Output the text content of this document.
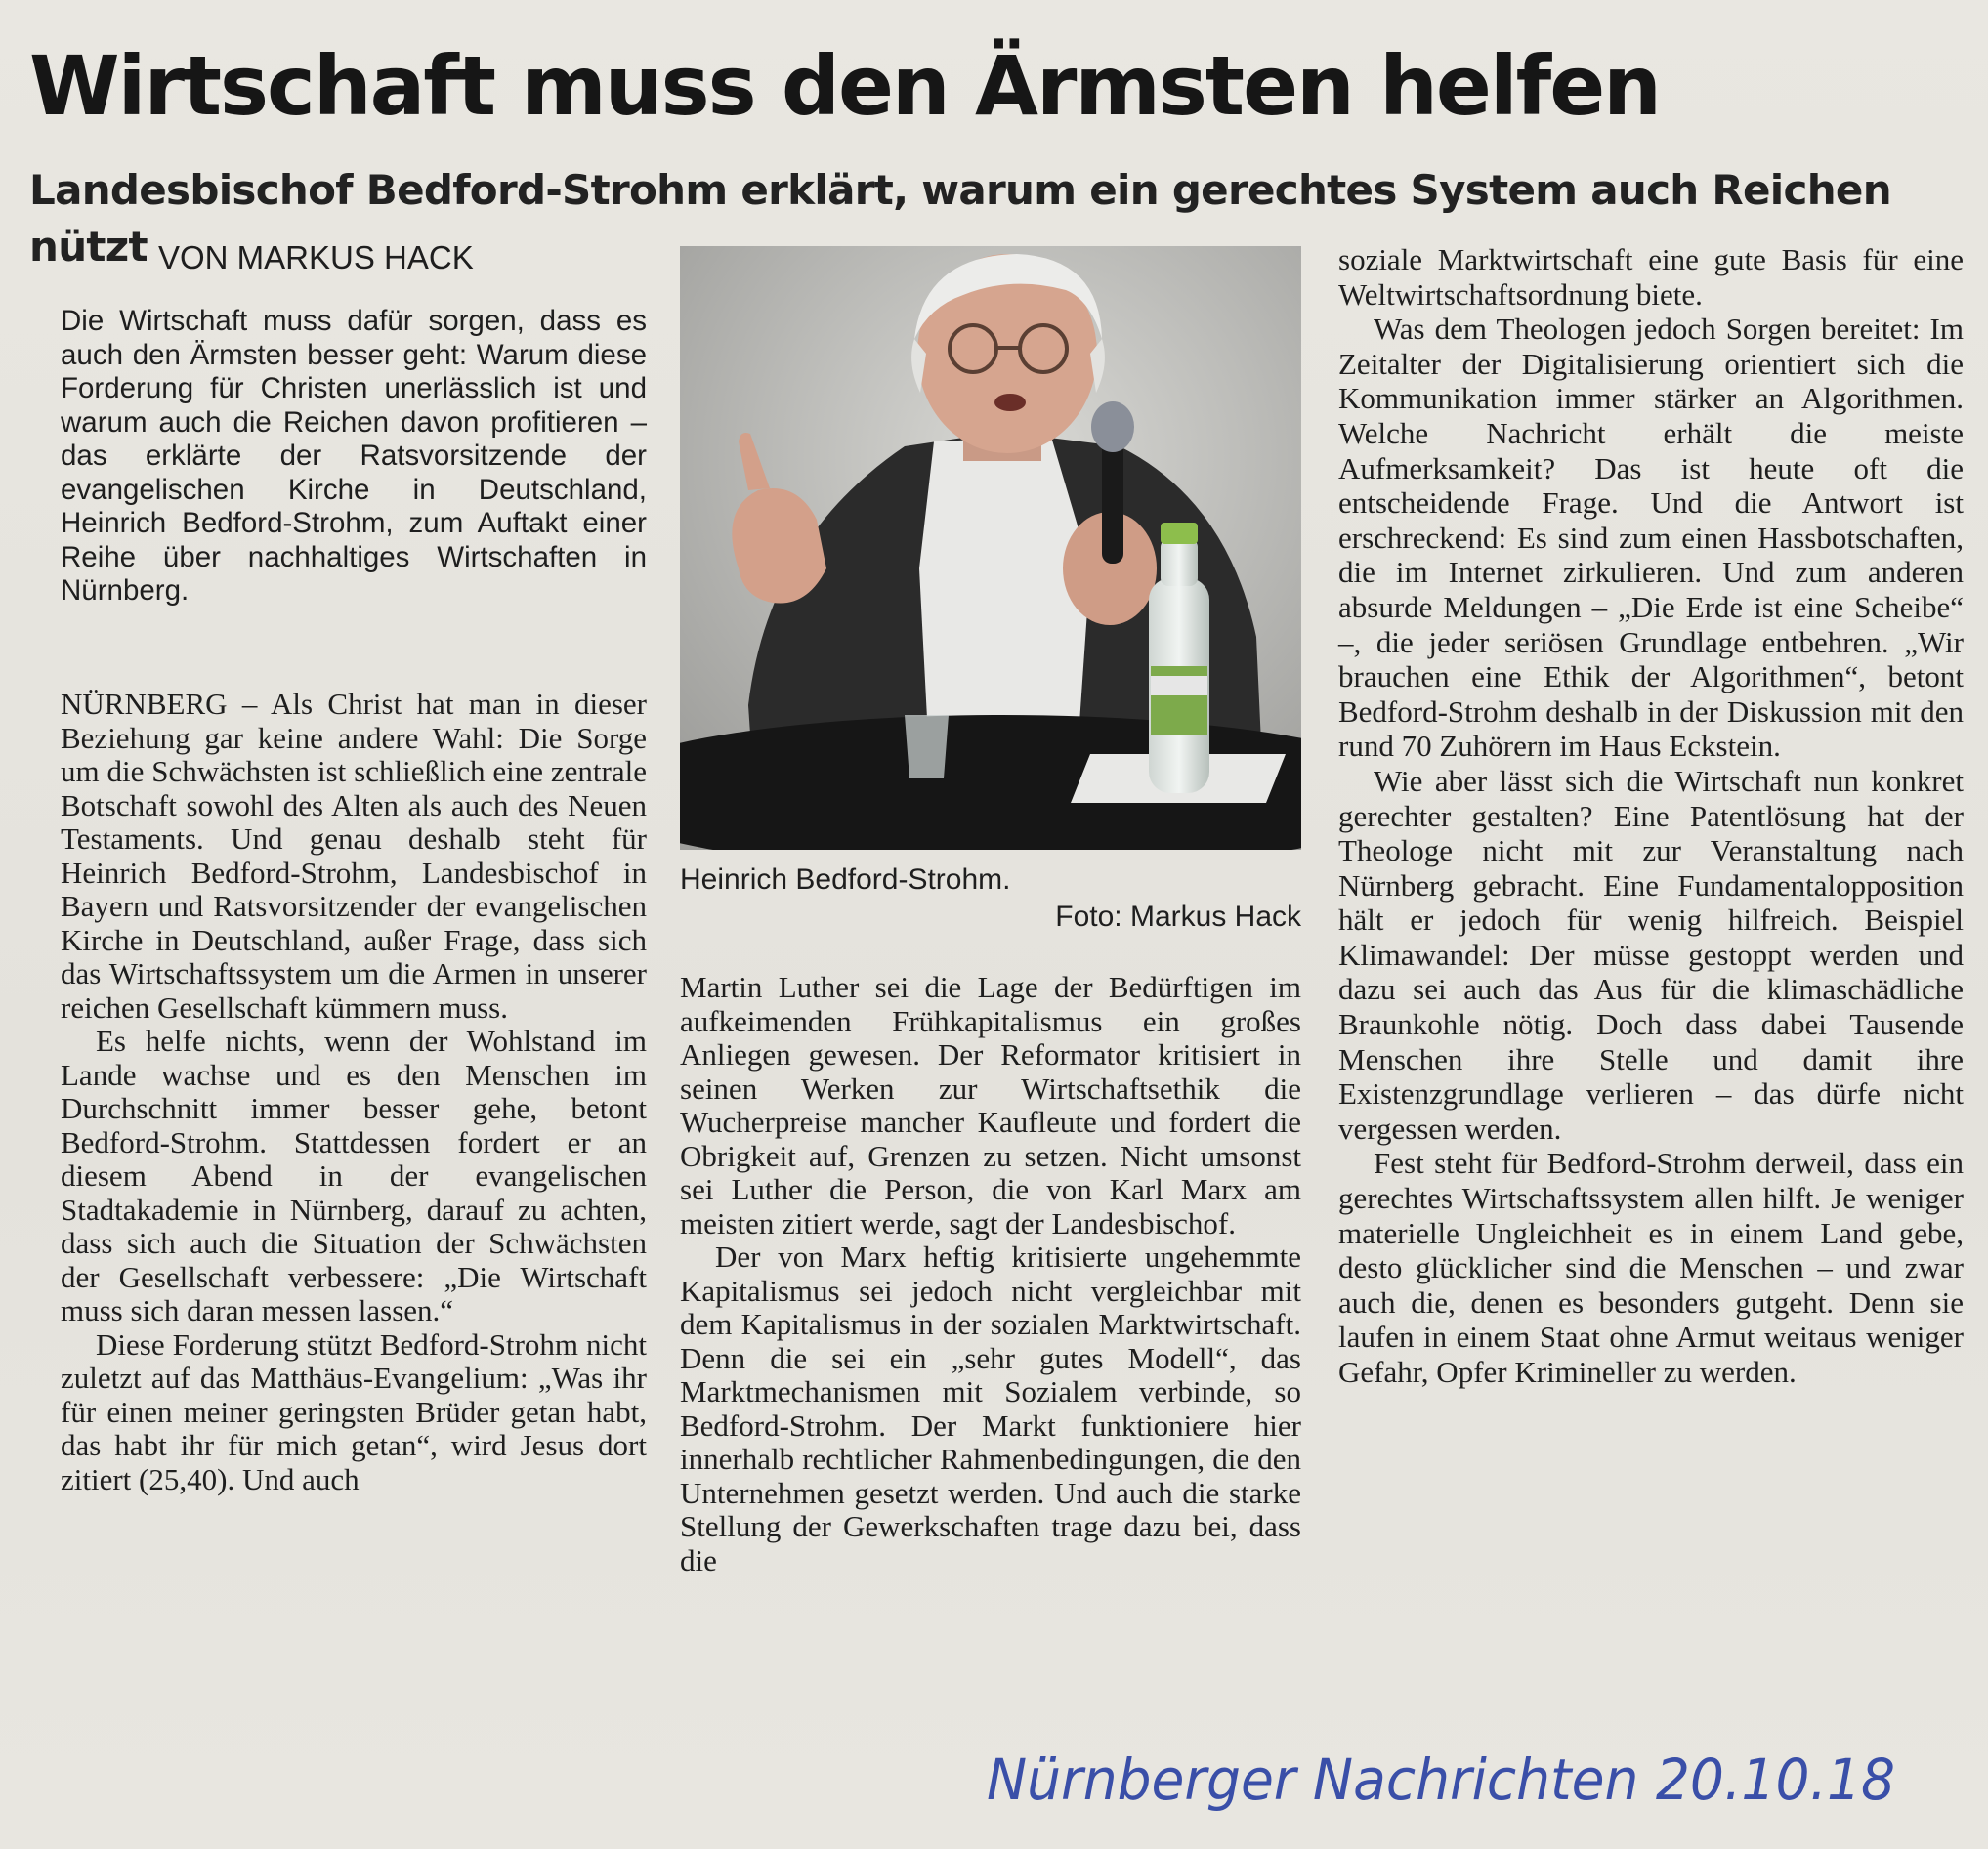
Wirtschaft muss den Ärmsten helfen
Landesbischof Bedford-Strohm erklärt, warum ein gerechtes System auch Reichen nützt VON MARKUS HACK

Die Wirtschaft muss dafür sorgen, dass es auch den Ärmsten besser geht: Warum diese Forderung für Christen unerlässlich ist und warum auch die Reichen davon profitieren – das erklärte der Ratsvorsitzende der evangelischen Kirche in Deutschland, Heinrich Bedford-Strohm, zum Auftakt einer Reihe über nachhaltiges Wirtschaften in Nürnberg.

NÜRNBERG – Als Christ hat man in dieser Beziehung gar keine andere Wahl: Die Sorge um die Schwächsten ist schließlich eine zentrale Botschaft sowohl des Alten als auch des Neuen Testaments. Und genau deshalb steht für Heinrich Bedford-Strohm, Landesbischof in Bayern und Ratsvorsitzender der evangelischen Kirche in Deutschland, außer Frage, dass sich das Wirtschaftssystem um die Armen in unserer reichen Gesellschaft kümmern muss.

Es helfe nichts, wenn der Wohlstand im Lande wachse und es den Menschen im Durchschnitt immer besser gehe, betont Bedford-Strohm. Stattdessen fordert er an diesem Abend in der evangelischen Stadtakademie in Nürnberg, darauf zu achten, dass sich auch die Situation der Schwächsten der Gesellschaft verbessere: „Die Wirtschaft muss sich daran messen lassen.“

Diese Forderung stützt Bedford-Strohm nicht zuletzt auf das Matthäus-Evangelium: „Was ihr für einen meiner geringsten Brüder getan habt, das habt ihr für mich getan“, wird Jesus dort zitiert (25,40). Und auch

Heinrich Bedford-Strohm.
Foto: Markus Hack

Martin Luther sei die Lage der Bedürftigen im aufkeimenden Frühkapitalismus ein großes Anliegen gewesen. Der Reformator kritisiert in seinen Werken zur Wirtschaftsethik die Wucherpreise mancher Kaufleute und fordert die Obrigkeit auf, Grenzen zu setzen. Nicht umsonst sei Luther die Person, die von Karl Marx am meisten zitiert werde, sagt der Landesbischof.

Der von Marx heftig kritisierte ungehemmte Kapitalismus sei jedoch nicht vergleichbar mit dem Kapitalismus in der sozialen Marktwirtschaft. Denn die sei ein „sehr gutes Modell“, das Marktmechanismen mit Sozialem verbinde, so Bedford-Strohm. Der Markt funktioniere hier innerhalb rechtlicher Rahmenbedingungen, die den Unternehmen gesetzt werden. Und auch die starke Stellung der Gewerkschaften trage dazu bei, dass die

soziale Marktwirtschaft eine gute Basis für eine Weltwirtschaftsordnung biete.

Was dem Theologen jedoch Sorgen bereitet: Im Zeitalter der Digitalisierung orientiert sich die Kommunikation immer stärker an Algorithmen. Welche Nachricht erhält die meiste Aufmerksamkeit? Das ist heute oft die entscheidende Frage. Und die Antwort ist erschreckend: Es sind zum einen Hassbotschaften, die im Internet zirkulieren. Und zum anderen absurde Meldungen – „Die Erde ist eine Scheibe“ –, die jeder seriösen Grundlage entbehren. „Wir brauchen eine Ethik der Algorithmen“, betont Bedford-Strohm deshalb in der Diskussion mit den rund 70 Zuhörern im Haus Eckstein.

Wie aber lässt sich die Wirtschaft nun konkret gerechter gestalten? Eine Patentlösung hat der Theologe nicht mit zur Veranstaltung nach Nürnberg gebracht. Eine Fundamentalopposition hält er jedoch für wenig hilfreich. Beispiel Klimawandel: Der müsse gestoppt werden und dazu sei auch das Aus für die klimaschädliche Braunkohle nötig. Doch dass dabei Tausende Menschen ihre Stelle und damit ihre Existenzgrundlage verlieren – das dürfe nicht vergessen werden.

Fest steht für Bedford-Strohm derweil, dass ein gerechtes Wirtschaftssystem allen hilft. Je weniger materielle Ungleichheit es in einem Land gebe, desto glücklicher sind die Menschen – und zwar auch die, denen es besonders gutgeht. Denn sie laufen in einem Staat ohne Armut weitaus weniger Gefahr, Opfer Krimineller zu werden.

Nürnberger Nachrichten 20.10.18
